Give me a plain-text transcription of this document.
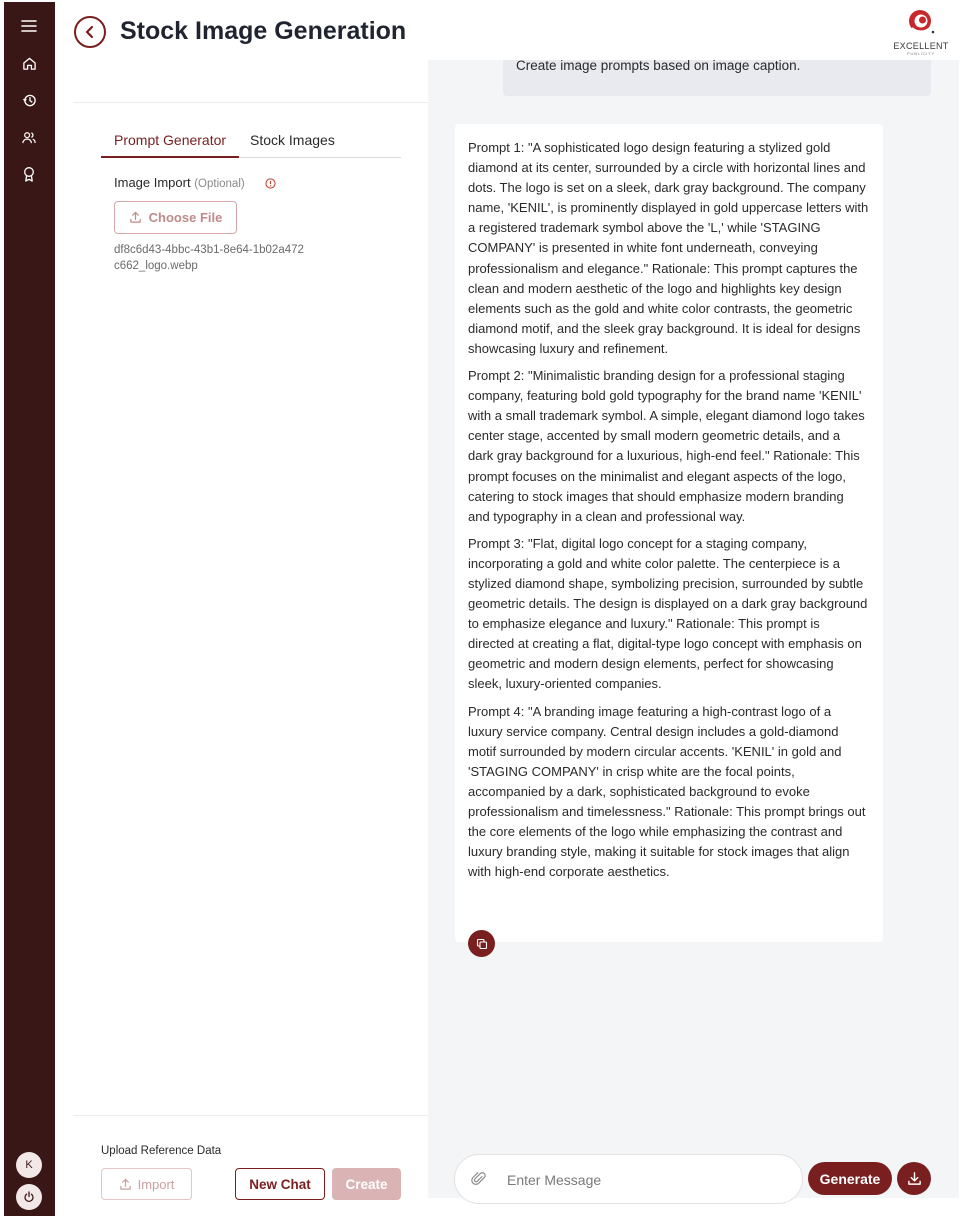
K
Stock Image Generation
EXCELLENT
PUBLICITY
Prompt Generator	Stock Images
Image Import (Optional)
Choose File
df8c6d43-4bbc-43b1-8e64-1b02a472c662_logo.webp
Upload Reference Data
Import	New Chat	Create
Create image prompts based on image caption.

Prompt 1: "A sophisticated logo design featuring a stylized gold diamond at its center, surrounded by a circle with horizontal lines and dots. The logo is set on a sleek, dark gray background. The company name, 'KENIL', is prominently displayed in gold uppercase letters with a registered trademark symbol above the 'L,' while 'STAGING COMPANY' is presented in white font underneath, conveying professionalism and elegance." Rationale: This prompt captures the clean and modern aesthetic of the logo and highlights key design elements such as the gold and white color contrasts, the geometric diamond motif, and the sleek gray background. It is ideal for designs showcasing luxury and refinement.

Prompt 2: "Minimalistic branding design for a professional staging company, featuring bold gold typography for the brand name 'KENIL' with a small trademark symbol. A simple, elegant diamond logo takes center stage, accented by small modern geometric details, and a dark gray background for a luxurious, high-end feel." Rationale: This prompt focuses on the minimalist and elegant aspects of the logo, catering to stock images that should emphasize modern branding and typography in a clean and professional way.

Prompt 3: "Flat, digital logo concept for a staging company, incorporating a gold and white color palette. The centerpiece is a stylized diamond shape, symbolizing precision, surrounded by subtle geometric details. The design is displayed on a dark gray background to emphasize elegance and luxury." Rationale: This prompt is directed at creating a flat, digital-type logo concept with emphasis on geometric and modern design elements, perfect for showcasing sleek, luxury-oriented companies.

Prompt 4: "A branding image featuring a high-contrast logo of a luxury service company. Central design includes a gold-diamond motif surrounded by modern circular accents. 'KENIL' in gold and 'STAGING COMPANY' in crisp white are the focal points, accompanied by a dark, sophisticated background to evoke professionalism and timelessness." Rationale: This prompt brings out the core elements of the logo while emphasizing the contrast and luxury branding style, making it suitable for stock images that align with high-end corporate aesthetics.

Enter Message
Generate
